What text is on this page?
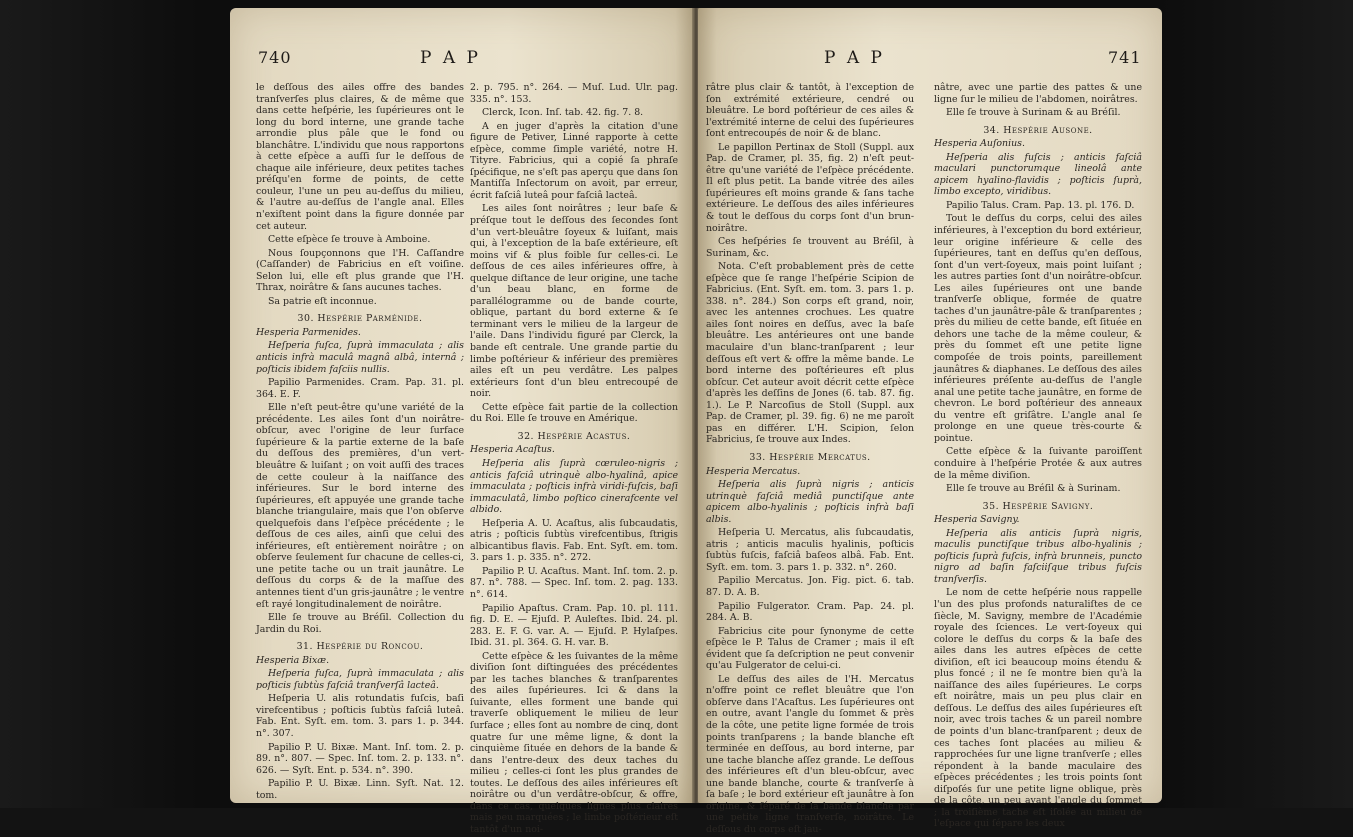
740	P A P

le deſſous des ailes offre des bandes tranſverſes plus claires, & de même que dans cette heſpérie, les ſupérieures ont le long du bord interne, une grande tache arrondie plus pâle que le fond ou blanchâtre. L'individu que nous rapportons à cette eſpèce a auſſi ſur le deſſous de chaque aile inférieure, deux petites taches préſqu'en forme de points, de cette couleur, l'une un peu au-deſſus du milieu, & l'autre au-deſſus de l'angle anal. Elles n'exiſtent point dans la figure donnée par cet auteur.

Cette eſpèce ſe trouve à Amboine.

Nous ſoupçonnons que l'H. Caſſandre (Caſſander) de Fabricius en eſt voiſine. Selon lui, elle eſt plus grande que l'H. Thrax, noirâtre & ſans aucunes taches.

Sa patrie eſt inconnue.

30. Hespérie Parménide.

Hesperia Parmenides.

Heſperia fuſca, ſuprà immaculata ; alis anticis infrà maculâ magnâ albâ, internâ ; poſticis ibidem faſciis nullis.

Papilio Parmenides. Cram. Pap. 31. pl. 364. E. F.

Elle n'eſt peut-être qu'une variété de la précédente. Les ailes ſont d'un noirâtre-obſcur, avec l'origine de leur ſurface ſupérieure & la partie externe de la baſe du deſſous des premières, d'un vert-bleuâtre & luiſant ; on voit auſſi des traces de cette couleur à la naiſſance des inférieures. Sur le bord interne des ſupérieures, eſt appuyée une grande tache blanche triangulaire, mais que l'on obſerve quelquefois dans l'eſpèce précédente ; le deſſous de ces ailes, ainſi que celui des inférieures, eſt entièrement noirâtre ; on obſerve ſeulement ſur chacune de celles-ci, une petite tache ou un trait jaunâtre. Le deſſous du corps & de la maſſue des antennes tient d'un gris-jaunâtre ; le ventre eſt rayé longitudinalement de noirâtre.

Elle ſe trouve au Bréſil. Collection du Jardin du Roi.

31. Hespérie du Roncou.

Hesperia Bixæ.

Heſperia fuſca, ſuprà immaculata ; alis poſticis ſubtùs faſciâ tranſverſâ lacteâ.

Heſperia U. alis rotundatis fuſcis, baſi virefcentibus ; poſticis ſubtùs faſciâ luteâ. Fab. Ent. Syſt. em. tom. 3. pars 1. p. 344. n°. 307.

Papilio P. U. Bixæ. Mant. Inſ. tom. 2. p. 89. n°. 807. — Spec. Inſ. tom. 2. p. 133. n°. 626. — Syſt. Ent. p. 534. n°. 390.

Papilio P. U. Bixæ. Linn. Syſt. Nat. 12. tom.

2. p. 795. n°. 264. — Muſ. Lud. Ulr. pag. 335. n°. 153.

Clerck, Icon. Inſ. tab. 42. fig. 7. 8.

A en juger d'après la citation d'une figure de Petiver, Linné rapporte à cette eſpèce, comme ſimple variété, notre H. Tityre. Fabricius, qui a copié ſa phraſe ſpécifique, ne s'eſt pas aperçu que dans ſon Mantiſſa Inſectorum on avoit, par erreur, écrit faſciâ luteâ pour faſciâ lacteâ.

Les ailes ſont noirâtres ; leur baſe & préſque tout le deſſous des ſecondes ſont d'un vert-bleuâtre ſoyeux & luiſant, mais qui, à l'exception de la baſe extérieure, eſt moins vif & plus foible ſur celles-ci. Le deſſous de ces ailes inférieures offre, à quelque diſtance de leur origine, une tache d'un beau blanc, en forme de parallélogramme ou de bande courte, oblique, partant du bord externe & ſe terminant vers le milieu de la largeur de l'aile. Dans l'individu figuré par Clerck, la bande eſt centrale. Une grande partie du limbe poſtérieur & inférieur des premières ailes eſt un peu verdâtre. Les palpes extérieurs ſont d'un bleu entrecoupé de noir.

Cette eſpèce fait partie de la collection du Roi. Elle ſe trouve en Amérique.

32. Hespérie Acaſtus.

Hesperia Acaſtus.

Heſperia alis ſuprà cœruleo-nigris ; anticis faſciâ utrinquè albo-hyalinâ, apice immaculata ; poſticis infrà viridi-fuſcis, baſi immaculatâ, limbo poſtico cinerafcente vel albido.

Heſperia A. U. Acaſtus, alis ſubcaudatis, atris ; poſticis ſubtùs virefcentibus, ſtrigis albicantibus flavis. Fab. Ent. Syſt. em. tom. 3. pars 1. p. 335. n°. 272.

Papilio P. U. Acaſtus. Mant. Inſ. tom. 2. p. 87. n°. 788. — Spec. Inſ. tom. 2. pag. 133. n°. 614.

Papilio Apaſtus. Cram. Pap. 10. pl. 111. fig. D. E. — Ejuſd. P. Auleſtes. Ibid. 24. pl. 283. E. F. G. var. A. — Ejuſd. P. Hylaſpes. Ibid. 31. pl. 364. G. H. var. B.

Cette eſpèce & les ſuivantes de la même diviſion ſont diſtinguées des précédentes par les taches blanches & tranſparentes des ailes ſupérieures. Ici & dans la ſuivante, elles forment une bande qui traverſe obliquement le milieu de leur ſurface ; elles ſont au nombre de cinq, dont quatre ſur une même ligne, & dont la cinquième ſituée en dehors de la bande & dans l'entre-deux des deux taches du milieu ; celles-ci ſont les plus grandes de toutes. Le deſſous des ailes inférieures eſt noirâtre ou d'un verdâtre-obſcur, & offre, dans ce cas, quelques lignes plus claires mais peu marquées ; le limbe poſtérieur eſt tantôt d'un noi-

P A P	741

râtre plus clair & tantôt, à l'exception de ſon extrémité extérieure, cendré ou bleuâtre. Le bord poſtérieur de ces ailes & l'extrémité interne de celui des ſupérieures ſont entrecoupés de noir & de blanc.

Le papillon Pertinax de Stoll (Suppl. aux Pap. de Cramer, pl. 35, fig. 2) n'eſt peut-être qu'une variété de l'eſpèce précédente. Il eſt plus petit. La bande vitrée des ailes ſupérieures eſt moins grande & ſans tache extérieure. Le deſſous des ailes inférieures & tout le deſſous du corps ſont d'un brun-noirâtre.

Ces heſpéries ſe trouvent au Bréſil, à Surinam, &c.

Nota. C'eſt probablement près de cette eſpèce que ſe range l'heſpérie Scipion de Fabricius. (Ent. Syſt. em. tom. 3. pars 1. p. 338. n°. 284.) Son corps eſt grand, noir, avec les antennes crochues. Les quatre ailes ſont noires en deſſus, avec la baſe bleuâtre. Les antérieures ont une bande maculaire d'un blanc-tranſparent ; leur deſſous eſt vert & offre la même bande. Le bord interne des poſtérieures eſt plus obſcur. Cet auteur avoit décrit cette eſpèce d'après les deſſins de Jones (6. tab. 87. fig. 1.). Le P. Narcoſius de Stoll (Suppl. aux Pap. de Cramer, pl. 39. fig. 6) ne me paroît pas en différer. L'H. Scipion, ſelon Fabricius, ſe trouve aux Indes.

33. Hespérie Mercatus.

Hesperia Mercatus.

Heſperia alis ſuprà nigris ; anticis utrinquè faſciâ mediâ punctiſque ante apicem albo-hyalinis ; poſticis infrà baſi albis.

Heſperia U. Mercatus, alis ſubcaudatis, atris ; anticis maculis hyalinis, poſticis ſubtùs fuſcis, faſciâ baſeos albâ. Fab. Ent. Syſt. em. tom. 3. pars 1. p. 332. n°. 260.

Papilio Mercatus. Jon. Fig. pict. 6. tab. 87. D. A. B.

Papilio Fulgerator. Cram. Pap. 24. pl. 284. A. B.

Fabricius cite pour ſynonyme de cette eſpèce le P. Talus de Cramer ; mais il eſt évident que ſa deſcription ne peut convenir qu'au Fulgerator de celui-ci.

Le deſſus des ailes de l'H. Mercatus n'offre point ce reflet bleuâtre que l'on obſerve dans l'Acaſtus. Les ſupérieures ont en outre, avant l'angle du ſommet & près de la côte, une petite ligne formée de trois points tranſparens ; la bande blanche eſt terminée en deſſous, au bord interne, par une tache blanche aſſez grande. Le deſſous des inférieures eſt d'un bleu-obſcur, avec une bande blanche, courte & tranſverſe à ſa baſe ; le bord extérieur eſt jaunâtre à ſon origine, & ſéparé de la bande blanche par une petite ligne tranſverſe, noirâtre. Le deſſous du corps eſt jau-

nâtre, avec une partie des pattes & une ligne ſur le milieu de l'abdomen, noirâtres.

Elle ſe trouve à Surinam & au Bréſil.

34. Hespérie Auſone.

Hesperia Auſonius.

Heſperia alis fuſcis ; anticis faſciâ maculari punctorumque lineolâ ante apicem hyalino-flavidis ; poſticis ſuprà, limbo excepto, viridibus.

Papilio Talus. Cram. Pap. 13. pl. 176. D.

Tout le deſſus du corps, celui des ailes inférieures, à l'exception du bord extérieur, leur origine inférieure & celle des ſupérieures, tant en deſſus qu'en deſſous, ſont d'un vert-ſoyeux, mais point luiſant ; les autres parties ſont d'un noirâtre-obſcur. Les ailes ſupérieures ont une bande tranſverſe oblique, formée de quatre taches d'un jaunâtre-pâle & tranſparentes ; près du milieu de cette bande, eſt ſituée en dehors une tache de la même couleur, & près du ſommet eſt une petite ligne compoſée de trois points, pareillement jaunâtres & diaphanes. Le deſſous des ailes inférieures préſente au-deſſus de l'angle anal une petite tache jaunâtre, en forme de chevron. Le bord poſtérieur des anneaux du ventre eſt griſâtre. L'angle anal ſe prolonge en une queue très-courte & pointue.

Cette eſpèce & la ſuivante paroiſſent conduire à l'heſpérie Protée & aux autres de la même diviſion.

Elle ſe trouve au Bréſil & à Surinam.

35. Hespérie Savigny.

Hesperia Savigny.

Heſperia alis anticis ſuprà nigris, maculis punctiſque tribus albo-hyalinis ; poſticis ſuprà fuſcis, infrà brunneis, puncto nigro ad baſin faſciiſque tribus fuſcis tranſverſis.

Le nom de cette heſpérie nous rappelle l'un des plus profonds naturaliſtes de ce ſiècle, M. Savigny, membre de l'Académie royale des ſciences. Le vert-ſoyeux qui colore le deſſus du corps & la baſe des ailes dans les autres eſpèces de cette diviſion, eſt ici beaucoup moins étendu & plus foncé ; il ne ſe montre bien qu'à la naiſſance des ailes ſupérieures. Le corps eſt noirâtre, mais un peu plus clair en deſſous. Le deſſus des ailes ſupérieures eſt noir, avec trois taches & un pareil nombre de points d'un blanc-tranſparent ; deux de ces taches ſont placées au milieu & rapprochées ſur une ligne tranſverſe ; elles répondent à la bande maculaire des eſpèces précédentes ; les trois points ſont diſpoſés ſur une petite ligne oblique, près de la côte, un peu avant l'angle du ſommet ; la troiſième tache eſt iſolée au milieu de l'eſpace qui ſépare les deux
